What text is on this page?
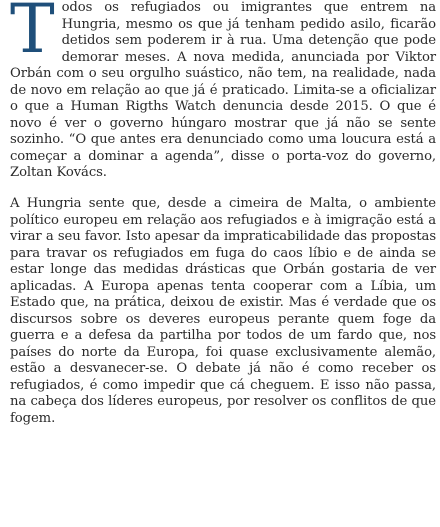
Todos os refugiados ou imigrantes que entrem na Hungria, mesmo os que já tenham pedido asilo, ficarão detidos sem poderem ir à rua. Uma detenção que pode demorar meses. A nova medida, anunciada por Viktor Orbán com o seu orgulho suástico, não tem, na realidade, nada de novo em relação ao que já é praticado. Limita-se a oficializar o que a Human Rigths Watch denuncia desde 2015. O que é novo é ver o governo húngaro mostrar que já não se sente sozinho. “O que antes era denunciado como uma loucura está a começar a dominar a agenda”, disse o porta-voz do governo, Zoltan Kovács.

A Hungria sente que, desde a cimeira de Malta, o ambiente político europeu em relação aos refugiados e à imigração está a virar a seu favor. Isto apesar da impraticabilidade das propostas para travar os refugiados em fuga do caos líbio e de ainda se estar longe das medidas drásticas que Orbán gostaria de ver aplicadas. A Europa apenas tenta cooperar com a Líbia, um Estado que, na prática, deixou de existir. Mas é verdade que os discursos sobre os deveres europeus perante quem foge da guerra e a defesa da partilha por todos de um fardo que, nos países do norte da Europa, foi quase exclusivamente alemão, estão a desvanecer-se. O debate já não é como receber os refugiados, é como impedir que cá cheguem. E isso não passa, na cabeça dos líderes europeus, por resolver os conflitos de que fogem.
